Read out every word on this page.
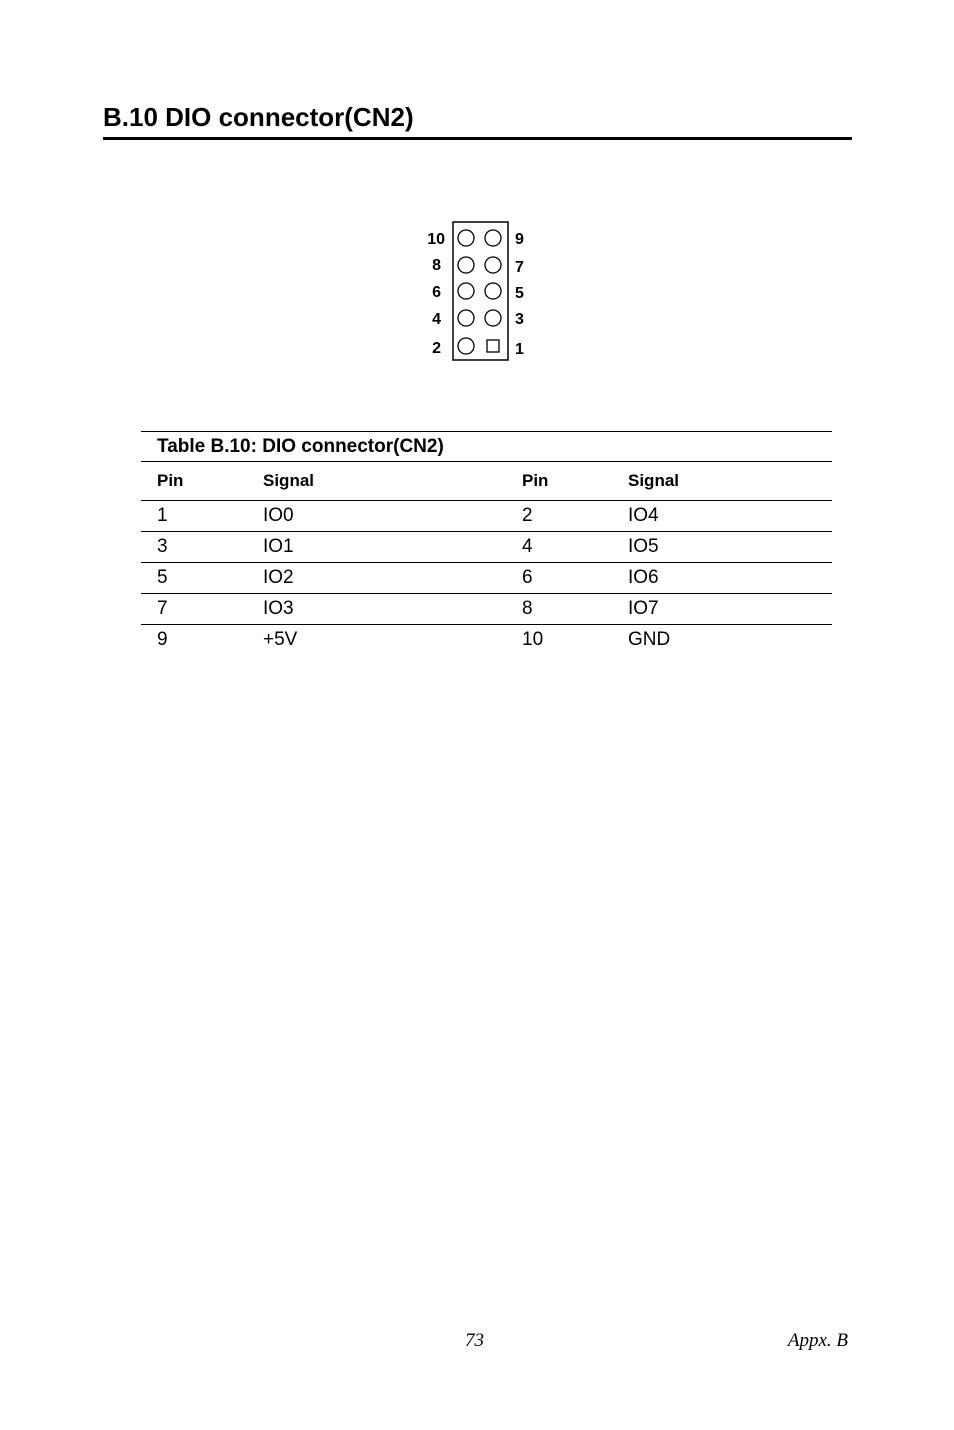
B.10 DIO connector(CN2)
10
8
6
4
2
9
7
5
3
1
Table B.10: DIO connector(CN2)			
Pin	Signal	Pin	Signal
1	IO0	2	IO4
3	IO1	4	IO5
5	IO2	6	IO6
7	IO3	8	IO7
9	+5V	10	GND
73	Appx. B
